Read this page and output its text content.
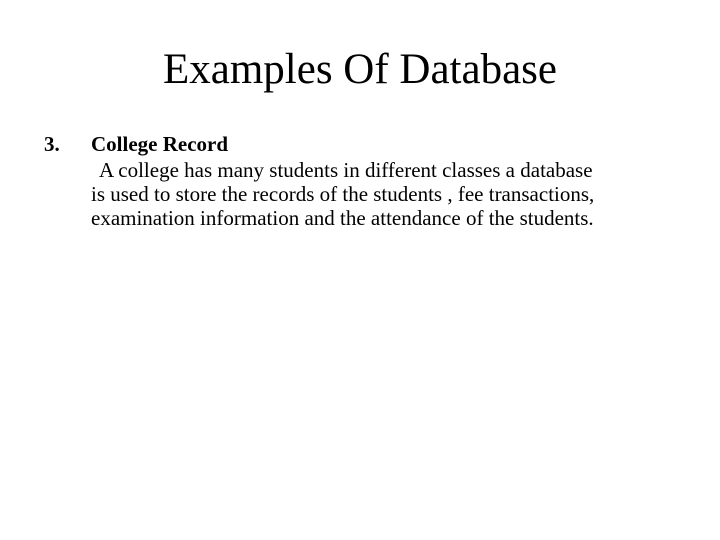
Examples Of Database
3. College Record

A college has many students in different classes a database
is used to store the records of the students , fee transactions,
examination information and the attendance of the students.
